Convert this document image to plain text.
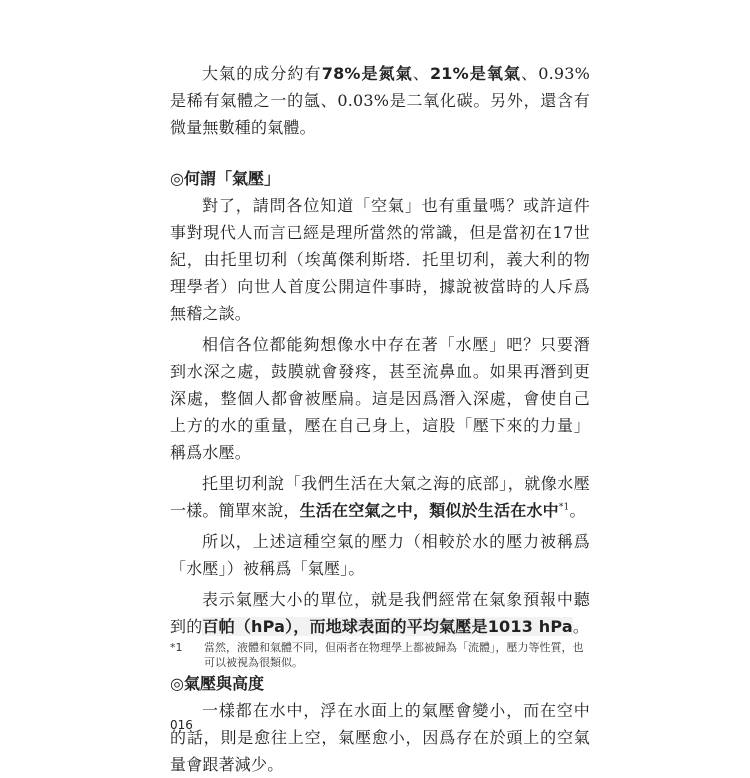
大氣的成分約有78%是氮氣、21%是氧氣、0.93%是稀有氣體之一的氬、0.03%是二氧化碳。另外，還含有微量無數種的氣體。

◎何謂「氣壓」

對了，請問各位知道「空氣」也有重量嗎？或許這件事對現代人而言已經是理所當然的常識，但是當初在17世紀，由托里切利（埃萬傑利斯塔．托里切利，義大利的物理學者）向世人首度公開這件事時，據說被當時的人斥爲無稽之談。

相信各位都能夠想像水中存在著「水壓」吧？只要潛到水深之處，鼓膜就會發疼，甚至流鼻血。如果再潛到更深處，整個人都會被壓扁。這是因爲潛入深處，會使自己上方的水的重量，壓在自己身上，這股「壓下來的力量」稱爲水壓。

托里切利說「我們生活在大氣之海的底部」，就像水壓一樣。簡單來說，生活在空氣之中，類似於生活在水中$^{*1}$。

所以，上述這種空氣的壓力（相較於水的壓力被稱爲「水壓」）被稱爲「氣壓」。

表示氣壓大小的單位，就是我們經常在氣象預報中聽到的百帕（hPa），而地球表面的平均氣壓是1013 hPa。

◎氣壓與高度

一樣都在水中，浮在水面上的氣壓會變小，而在空中的話，則是愈往上空，氣壓愈小，因爲存在於頭上的空氣量會跟著減少。

*1	當然，液體和氣體不同，但兩者在物理學上都被歸為「流體」，壓力等性質，也可以被視為很類似。
016
